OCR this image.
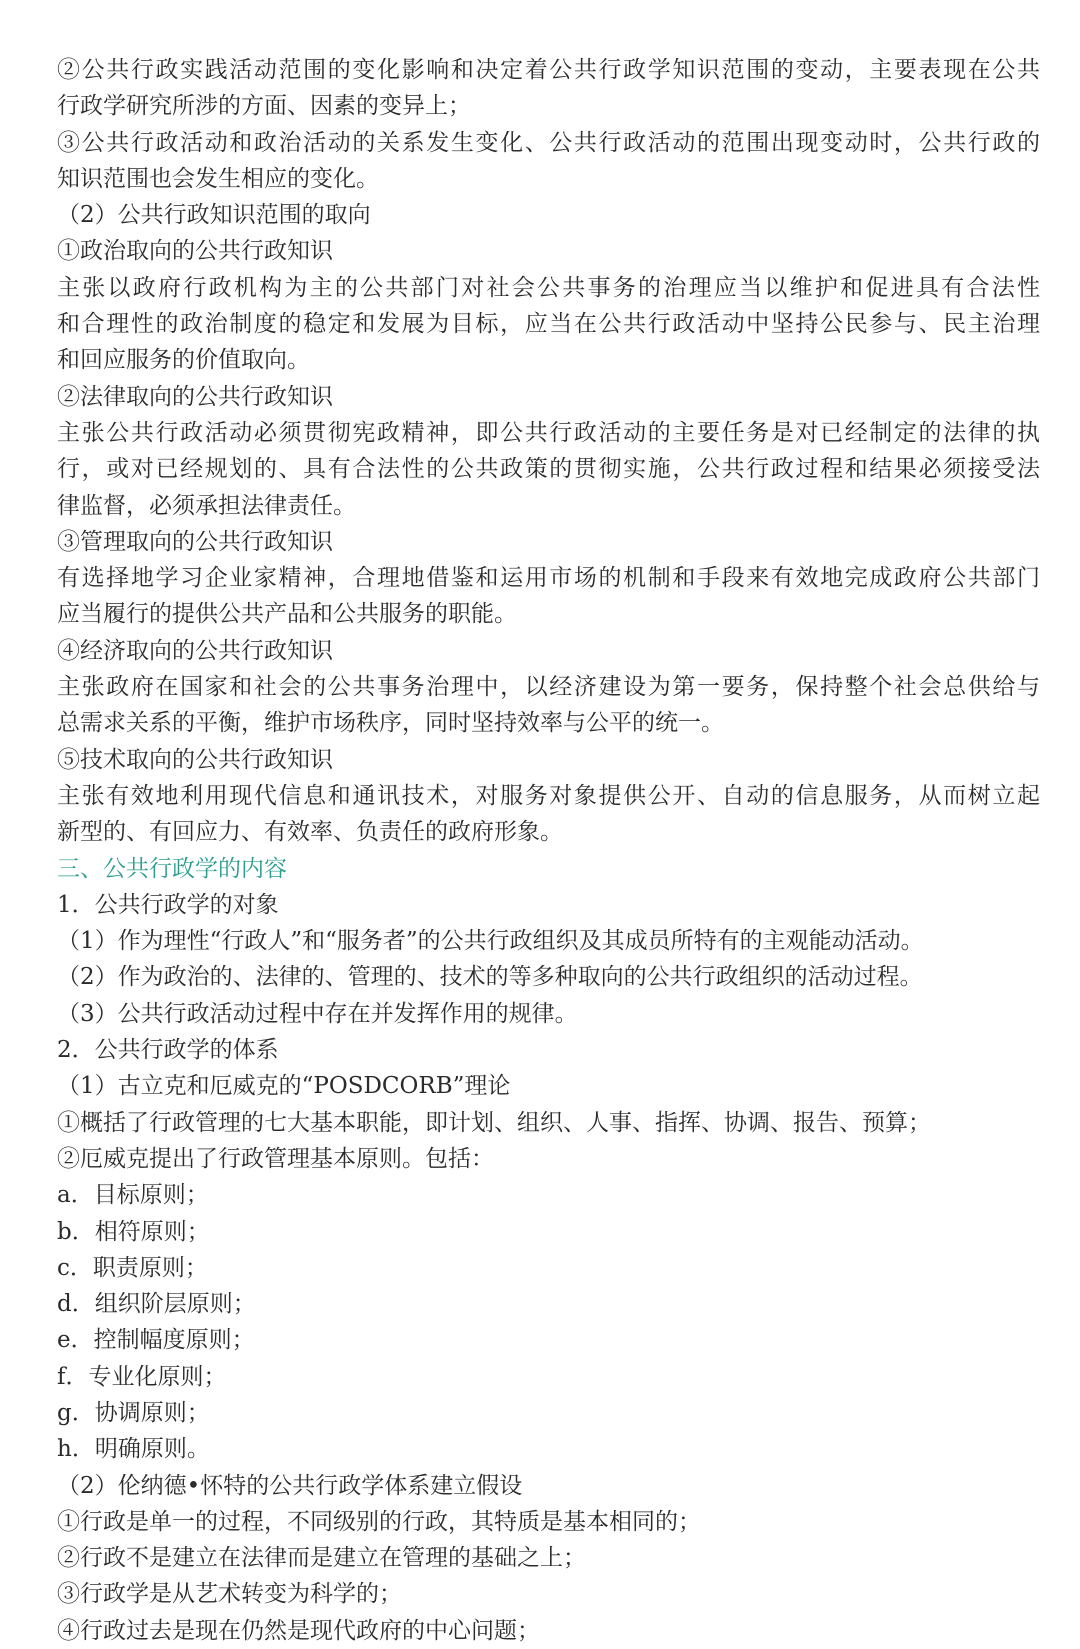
②公共行政实践活动范围的变化影响和决定着公共行政学知识范围的变动，主要表现在公共
行政学研究所涉的方面、因素的变异上；
③公共行政活动和政治活动的关系发生变化、公共行政活动的范围出现变动时，公共行政的
知识范围也会发生相应的变化。
（2）公共行政知识范围的取向
①政治取向的公共行政知识
主张以政府行政机构为主的公共部门对社会公共事务的治理应当以维护和促进具有合法性
和合理性的政治制度的稳定和发展为目标，应当在公共行政活动中坚持公民参与、民主治理
和回应服务的价值取向。
②法律取向的公共行政知识
主张公共行政活动必须贯彻宪政精神，即公共行政活动的主要任务是对已经制定的法律的执
行，或对已经规划的、具有合法性的公共政策的贯彻实施，公共行政过程和结果必须接受法
律监督，必须承担法律责任。
③管理取向的公共行政知识
有选择地学习企业家精神，合理地借鉴和运用市场的机制和手段来有效地完成政府公共部门
应当履行的提供公共产品和公共服务的职能。
④经济取向的公共行政知识
主张政府在国家和社会的公共事务治理中，以经济建设为第一要务，保持整个社会总供给与
总需求关系的平衡，维护市场秩序，同时坚持效率与公平的统一。
⑤技术取向的公共行政知识
主张有效地利用现代信息和通讯技术，对服务对象提供公开、自动的信息服务，从而树立起
新型的、有回应力、有效率、负责任的政府形象。
三、公共行政学的内容
1．公共行政学的对象
（1）作为理性“行政人”和“服务者”的公共行政组织及其成员所特有的主观能动活动。
（2）作为政治的、法律的、管理的、技术的等多种取向的公共行政组织的活动过程。
（3）公共行政活动过程中存在并发挥作用的规律。
2．公共行政学的体系
（1）古立克和厄威克的“POSDCORB”理论
①概括了行政管理的七大基本职能，即计划、组织、人事、指挥、协调、报告、预算；
②厄威克提出了行政管理基本原则。包括：
a．目标原则；
b．相符原则；
c．职责原则；
d．组织阶层原则；
e．控制幅度原则；
f．专业化原则；
g．协调原则；
h．明确原则。
（2）伦纳德•怀特的公共行政学体系建立假设
①行政是单一的过程，不同级别的行政，其特质是基本相同的；
②行政不是建立在法律而是建立在管理的基础之上；
③行政学是从艺术转变为科学的；
④行政过去是现在仍然是现代政府的中心问题；
